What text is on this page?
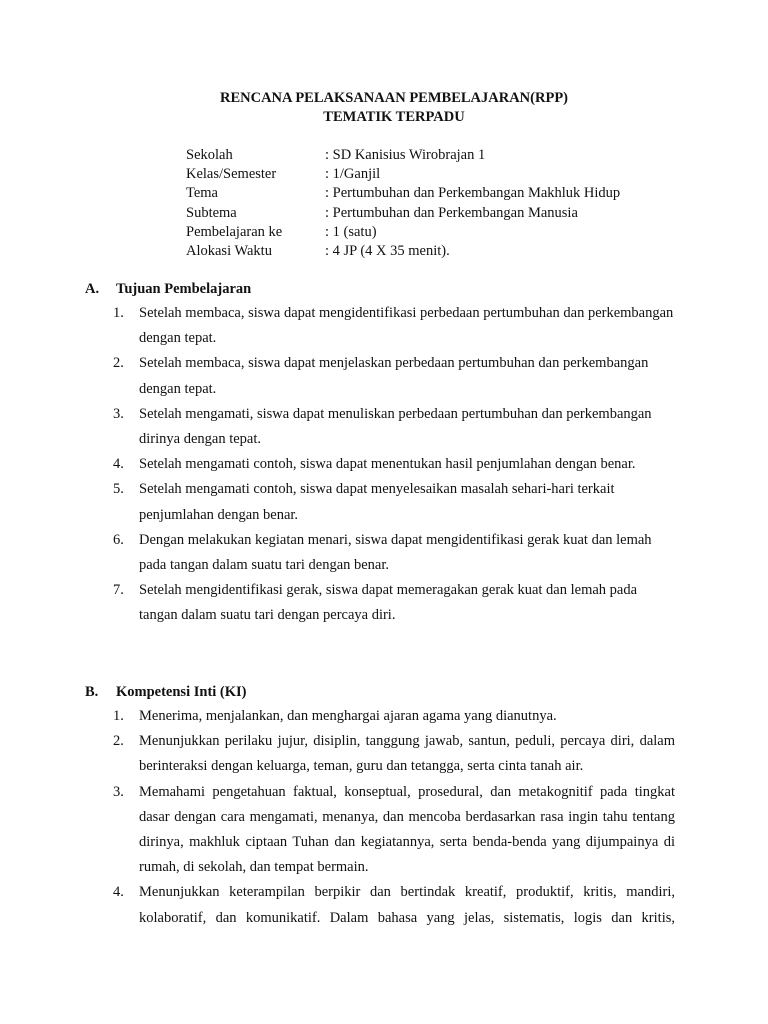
RENCANA PELAKSANAAN PEMBELAJARAN(RPP)
TEMATIK TERPADU
Sekolah	: SD Kanisius Wirobrajan 1
Kelas/Semester	: 1/Ganjil
Tema	: Pertumbuhan dan Perkembangan Makhluk Hidup
Subtema	: Pertumbuhan dan Perkembangan Manusia
Pembelajaran ke	: 1 (satu)
Alokasi Waktu	: 4 JP (4 X 35 menit).
A. Tujuan Pembelajaran
1. Setelah membaca, siswa dapat mengidentifikasi perbedaan pertumbuhan dan perkembangan dengan tepat.
2. Setelah membaca, siswa dapat menjelaskan perbedaan pertumbuhan dan perkembangan dengan tepat.
3. Setelah mengamati, siswa dapat menuliskan perbedaan pertumbuhan dan perkembangan dirinya dengan tepat.
4. Setelah mengamati contoh, siswa dapat menentukan hasil penjumlahan dengan benar.
5. Setelah mengamati contoh, siswa dapat menyelesaikan masalah sehari-hari terkait penjumlahan dengan benar.
6. Dengan melakukan kegiatan menari, siswa dapat mengidentifikasi gerak kuat dan lemah pada tangan dalam suatu tari dengan benar.
7. Setelah mengidentifikasi gerak, siswa dapat memeragakan gerak kuat dan lemah pada tangan dalam suatu tari dengan percaya diri.
B. Kompetensi Inti (KI)
1. Menerima, menjalankan, dan menghargai ajaran agama yang dianutnya.
2. Menunjukkan perilaku jujur, disiplin, tanggung jawab, santun, peduli, percaya diri, dalam berinteraksi dengan keluarga, teman, guru dan tetangga, serta cinta tanah air.
3. Memahami pengetahuan faktual, konseptual, prosedural, dan metakognitif pada tingkat dasar dengan cara mengamati, menanya, dan mencoba berdasarkan rasa ingin tahu tentang dirinya, makhluk ciptaan Tuhan dan kegiatannya, serta benda-benda yang dijumpainya di rumah, di sekolah, dan tempat bermain.
4. Menunjukkan keterampilan berpikir dan bertindak kreatif, produktif, kritis, mandiri, kolaboratif, dan komunikatif. Dalam bahasa yang jelas, sistematis, logis dan kritis,
